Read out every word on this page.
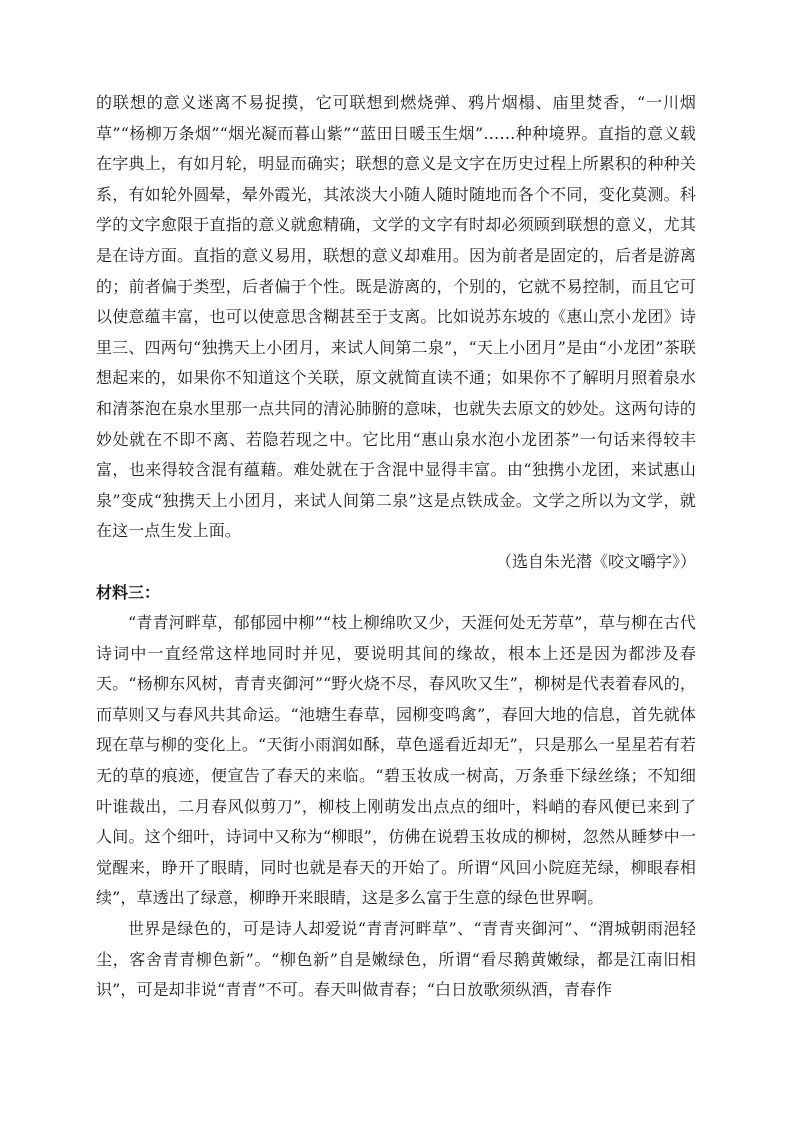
的联想的意义迷离不易捉摸，它可联想到燃烧弹、鸦片烟榻、庙里焚香，“一川烟草”“杨柳万条烟”“烟光凝而暮山紫”“蓝田日暖玉生烟”……种种境界。直指的意义载在字典上，有如月轮，明显而确实；联想的意义是文字在历史过程上所累积的种种关系，有如轮外圆晕，晕外霞光，其浓淡大小随人随时随地而各个不同，变化莫测。科学的文字愈限于直指的意义就愈精确，文学的文字有时却必须顾到联想的意义，尤其是在诗方面。直指的意义易用，联想的意义却难用。因为前者是固定的，后者是游离的；前者偏于类型，后者偏于个性。既是游离的，个别的，它就不易控制，而且它可以使意蕴丰富，也可以使意思含糊甚至于支离。比如说苏东坡的《惠山烹小龙团》诗里三、四两句“独携天上小团月，来试人间第二泉”，“天上小团月”是由“小龙团”茶联想起来的，如果你不知道这个关联，原文就简直读不通；如果你不了解明月照着泉水和清茶泡在泉水里那一点共同的清沁肺腑的意味，也就失去原文的妙处。这两句诗的妙处就在不即不离、若隐若现之中。它比用“惠山泉水泡小龙团茶”一句话来得较丰富，也来得较含混有蕴藉。难处就在于含混中显得丰富。由“独携小龙团，来试惠山泉”变成“独携天上小团月，来试人间第二泉”这是点铁成金。文学之所以为文学，就在这一点生发上面。

（选自朱光潜《咬文嚼字》）

材料三：

“青青河畔草，郁郁园中柳”“枝上柳绵吹又少，天涯何处无芳草”，草与柳在古代诗词中一直经常这样地同时并见，要说明其间的缘故，根本上还是因为都涉及春天。“杨柳东风树，青青夹御河”“野火烧不尽，春风吹又生”，柳树是代表着春风的，而草则又与春风共其命运。“池塘生春草，园柳变鸣禽”，春回大地的信息，首先就体现在草与柳的变化上。“天街小雨润如酥，草色遥看近却无”，只是那么一星星若有若无的草的痕迹，便宣告了春天的来临。“碧玉妆成一树高，万条垂下绿丝绦；不知细叶谁裁出，二月春风似剪刀”，柳枝上刚萌发出点点的细叶，料峭的春风便已来到了人间。这个细叶，诗词中又称为“柳眼”，仿佛在说碧玉妆成的柳树，忽然从睡梦中一觉醒来，睁开了眼睛，同时也就是春天的开始了。所谓“风回小院庭芜绿，柳眼春相续”，草透出了绿意，柳睁开来眼睛，这是多么富于生意的绿色世界啊。

世界是绿色的，可是诗人却爱说“青青河畔草”、“青青夹御河”、“渭城朝雨浥轻尘，客舍青青柳色新”。“柳色新”自是嫩绿色，所谓“看尽鹅黄嫩绿，都是江南旧相识”，可是却非说“青青”不可。春天叫做青春；“白日放歌须纵酒，青春作
